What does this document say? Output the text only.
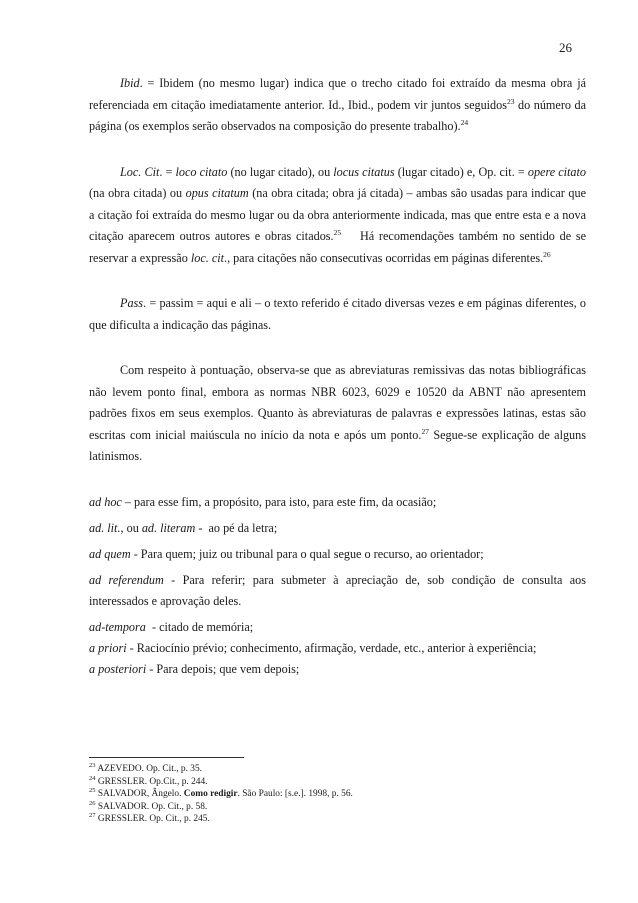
26

Ibid. = Ibidem (no mesmo lugar) indica que o trecho citado foi extraído da mesma obra já referenciada em citação imediatamente anterior. Id., Ibid., podem vir juntos seguidos$^{23}$ do número da página (os exemplos serão observados na composição do presente trabalho).$^{24}$

Loc. Cit. = loco citato (no lugar citado), ou locus citatus (lugar citado) e, Op. cit. = opere citato (na obra citada) ou opus citatum (na obra citada; obra já citada) – ambas são usadas para indicar que a citação foi extraída do mesmo lugar ou da obra anteriormente indicada, mas que entre esta e a nova citação aparecem outros autores e obras citados.$^{25}$    Há recomendações também no sentido de se reservar a expressão loc. cit., para citações não consecutivas ocorridas em páginas diferentes.$^{26}$

Pass. = passim = aqui e ali – o texto referido é citado diversas vezes e em páginas diferentes, o que dificulta a indicação das páginas.

Com respeito à pontuação, observa-se que as abreviaturas remissivas das notas bibliográficas não levem ponto final, embora as normas NBR 6023, 6029 e 10520 da ABNT não apresentem padrões fixos em seus exemplos. Quanto às abreviaturas de palavras e expressões latinas, estas são escritas com inicial maiúscula no início da nota e após um ponto.$^{27}$ Segue-se explicação de alguns latinismos.

ad hoc – para esse fim, a propósito, para isto, para este fim, da ocasião;

ad. lit., ou ad. literam -  ao pé da letra;

ad quem - Para quem; juiz ou tribunal para o qual segue o recurso, ao orientador;

ad referendum - Para referir; para submeter à apreciação de, sob condição de consulta aos interessados e aprovação deles.

ad-tempora  - citado de memória;

a priori - Raciocínio prévio; conhecimento, afirmação, verdade, etc., anterior à experiência;

a posteriori - Para depois; que vem depois;

$^{23}$ AZEVEDO. Op. Cit., p. 35.

$^{24}$ GRESSLER. Op.Cit., p. 244.

$^{25}$ SALVADOR, Ângelo. Como redigir. São Paulo: [s.e.]. 1998, p. 56.

$^{26}$ SALVADOR. Op. Cit., p. 58.

$^{27}$ GRESSLER. Op. Cit., p. 245.
